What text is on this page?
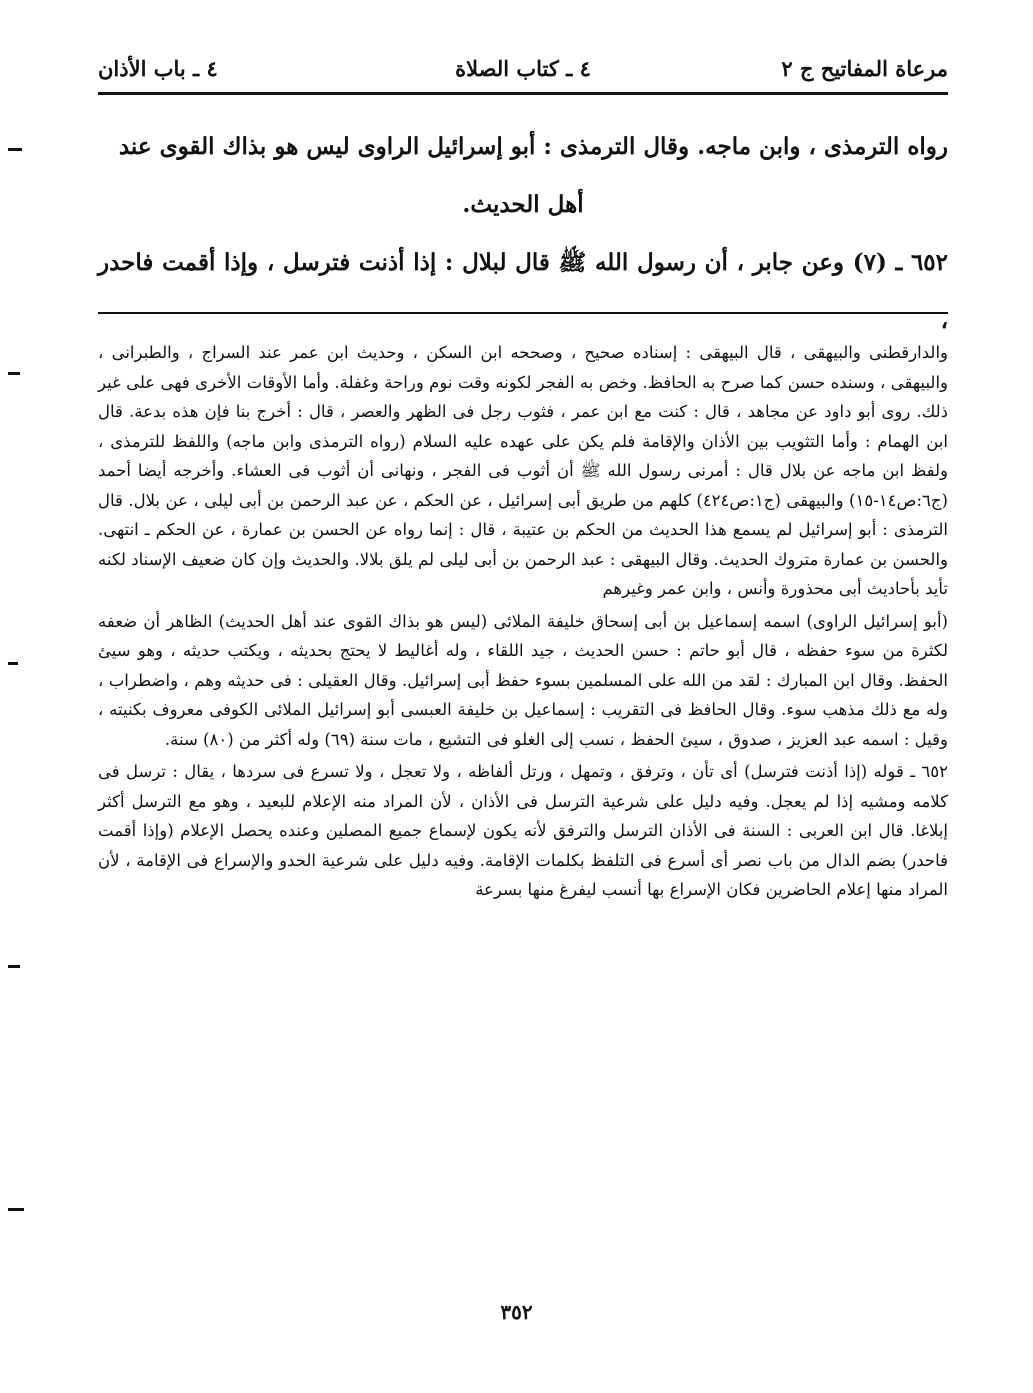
مرعاة المفاتيح ج ٢
٤ ـ كتاب الصلاة
٤ ـ باب الأذان

رواه الترمذى ، وابن ماجه. وقال الترمذى : أبو إسرائيل الراوى ليس هو بذاك القوى عند

أهل الحديث.

٦٥٢ ـ (٧) وعن جابر ، أن رسول الله ﷺ قال لبلال : إذا أذنت فترسل ، وإذا أقمت فاحدر ،

والدارقطنى والبيهقى ، قال البيهقى : إسناده صحيح ، وصححه ابن السكن ، وحديث ابن عمر عند السراج ، والطبرانى ، والبيهقى ، وسنده حسن كما صرح به الحافظ. وخص به الفجر لكونه وقت نوم وراحة وغفلة. وأما الأوقات الأخرى فهى على غير ذلك. روى أبو داود عن مجاهد ، قال : كنت مع ابن عمر ، فثوب رجل فى الظهر والعصر ، قال : أخرج بنا فإن هذه بدعة. قال ابن الهمام : وأما التثويب بين الأذان والإقامة فلم يكن على عهده عليه السلام (رواه الترمذى وابن ماجه) واللفظ للترمذى ، ولفظ ابن ماجه عن بلال قال : أمرنى رسول الله ﷺ أن أثوب فى الفجر ، ونهانى أن أثوب فى العشاء. وأخرجه أيضا أحمد (ج٦:ص١٤-١٥) والبيهقى (ج١:ص٤٢٤) كلهم من طريق أبى إسرائيل ، عن الحكم ، عن عبد الرحمن بن أبى ليلى ، عن بلال. قال الترمذى : أبو إسرائيل لم يسمع هذا الحديث من الحكم بن عتيبة ، قال : إنما رواه عن الحسن بن عمارة ، عن الحكم ـ انتهى. والحسن بن عمارة متروك الحديث. وقال البيهقى : عبد الرحمن بن أبى ليلى لم يلق بلالا. والحديث وإن كان ضعيف الإسناد لكنه تأيد بأحاديث أبى محذورة وأنس ، وابن عمر وغيرهم

(أبو إسرائيل الراوى) اسمه إسماعيل بن أبى إسحاق خليفة الملائى (ليس هو بذاك القوى عند أهل الحديث) الظاهر أن ضعفه لكثرة من سوء حفظه ، قال أبو حاتم : حسن الحديث ، جيد اللقاء ، وله أغاليط لا يحتج بحديثه ، ويكتب حديثه ، وهو سيئ الحفظ. وقال ابن المبارك : لقد من الله على المسلمين بسوء حفظ أبى إسرائيل. وقال العقيلى : فى حديثه وهم ، واضطراب ، وله مع ذلك مذهب سوء. وقال الحافظ فى التقريب : إسماعيل بن خليفة العبسى أبو إسرائيل الملائى الكوفى معروف بكنيته ، وقيل : اسمه عبد العزيز ، صدوق ، سيئ الحفظ ، نسب إلى الغلو فى التشيع ، مات سنة (٦٩) وله أكثر من (٨٠) سنة.

٦٥٢ ـ قوله (إذا أذنت فترسل) أى تأن ، وترفق ، وتمهل ، ورتل ألفاظه ، ولا تعجل ، ولا تسرع فى سردها ، يقال : ترسل فى كلامه ومشيه إذا لم يعجل. وفيه دليل على شرعية الترسل فى الأذان ، لأن المراد منه الإعلام للبعيد ، وهو مع الترسل أكثر إبلاغا. قال ابن العربى : السنة فى الأذان الترسل والترفق لأنه يكون لإسماع جميع المصلين وعنده يحصل الإعلام (وإذا أقمت فاحدر) بضم الدال من باب نصر أى أسرع فى التلفظ بكلمات الإقامة. وفيه دليل على شرعية الحدو والإسراع فى الإقامة ، لأن المراد منها إعلام الحاضرين فكان الإسراع بها أنسب ليفرغ منها بسرعة

٣٥٢
